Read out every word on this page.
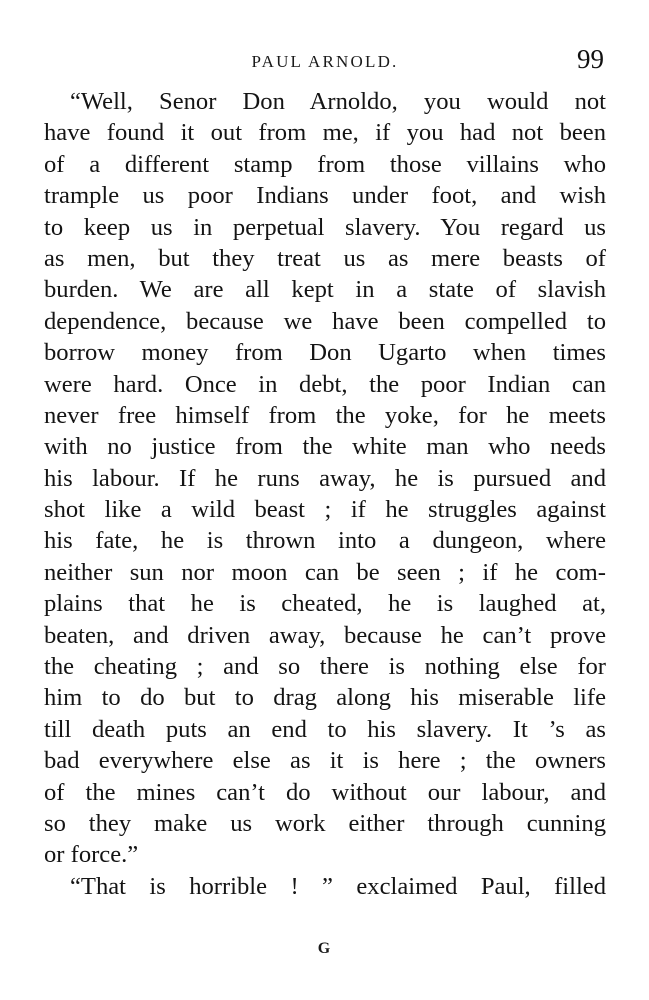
PAUL ARNOLD.	99
“Well, Senor Don Arnoldo, you would not
have found it out from me, if you had not been
of a different stamp from those villains who
trample us poor Indians under foot, and wish
to keep us in perpetual slavery. You regard us
as men, but they treat us as mere beasts of
burden. We are all kept in a state of slavish
dependence, because we have been compelled to
borrow money from Don Ugarto when times
were hard. Once in debt, the poor Indian can
never free himself from the yoke, for he meets
with no justice from the white man who needs
his labour. If he runs away, he is pursued and
shot like a wild beast ; if he struggles against
his fate, he is thrown into a dungeon, where
neither sun nor moon can be seen ; if he com-
plains that he is cheated, he is laughed at,
beaten, and driven away, because he can’t prove
the cheating ; and so there is nothing else for
him to do but to drag along his miserable life
till death puts an end to his slavery. It ’s as
bad everywhere else as it is here ; the owners
of the mines can’t do without our labour, and
so they make us work either through cunning
or force.”
“That is horrible ! ” exclaimed Paul, filled
G
